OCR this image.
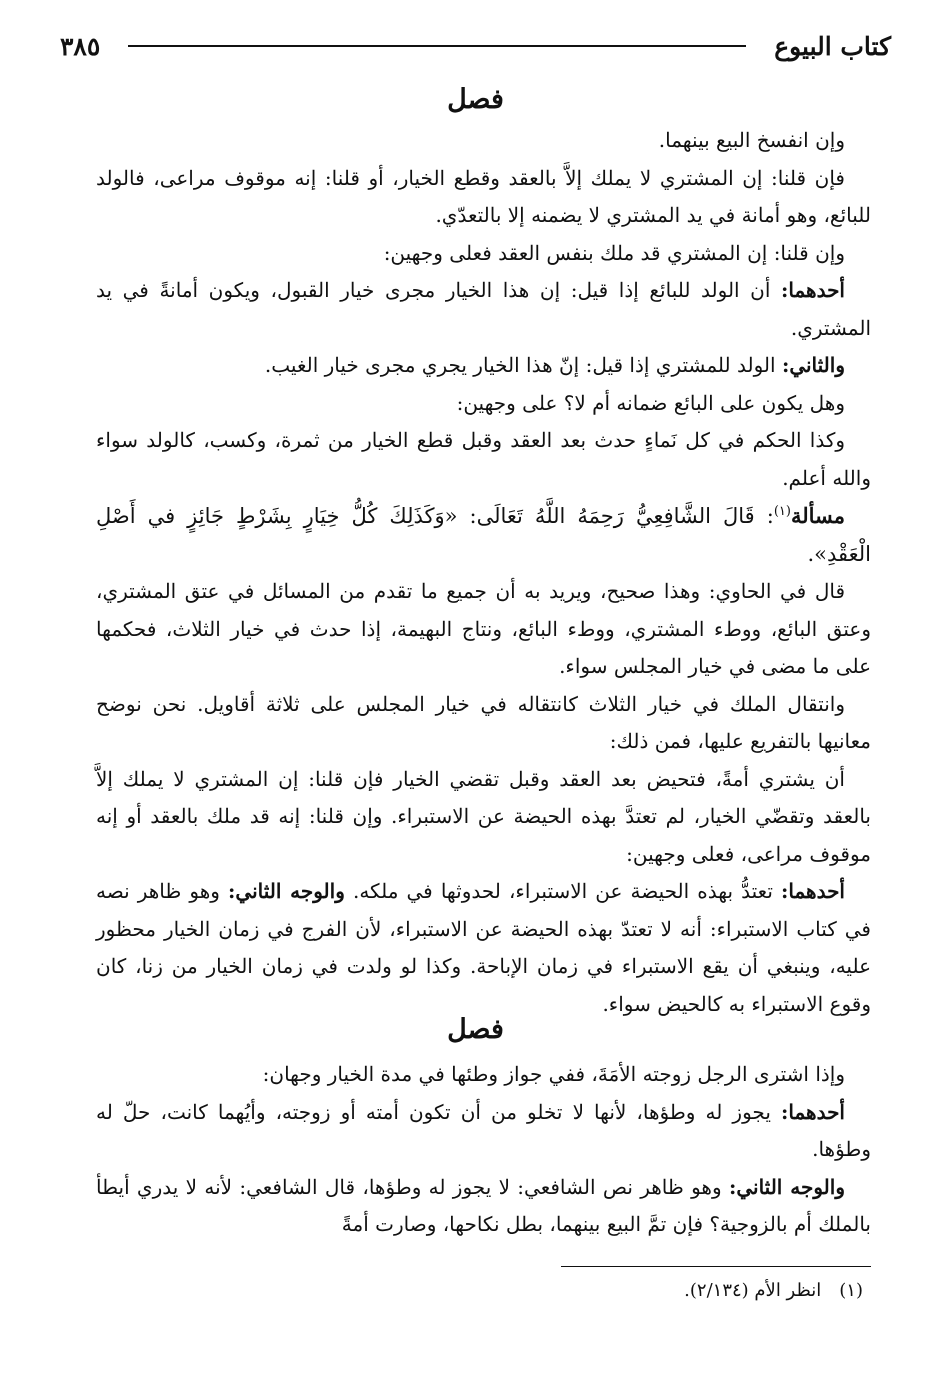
كتاب البيوع
٣٨٥
فصل

وإن انفسخ البيع بينهما.

فإن قلنا: إن المشتري لا يملك إلاَّ بالعقد وقطع الخيار، أو قلنا: إنه موقوف مراعى، فالولد للبائع، وهو أمانة في يد المشتري لا يضمنه إلا بالتعدّي.

وإن قلنا: إن المشتري قد ملك بنفس العقد فعلى وجهين:

أحدهما: أن الولد للبائع إذا قيل: إن هذا الخيار مجرى خيار القبول، ويكون أمانةً في يد المشتري.

والثاني: الولد للمشتري إذا قيل: إنّ هذا الخيار يجري مجرى خيار الغيب.

وهل يكون على البائع ضمانه أم لا؟ على وجهين:

وكذا الحكم في كل نَماءٍ حدث بعد العقد وقبل قطع الخيار من ثمرة، وكسب، كالولد سواء والله أعلم.

مسألة$^{(١)}$: قَالَ الشَّافِعِيُّ رَحِمَهُ اللَّهُ تَعَالَى: «وَكَذَلِكَ كُلُّ خِيَارٍ بِشَرْطٍ جَائِزٍ في أَصْلِ الْعَقْدِ».

قال في الحاوي: وهذا صحيح، ويريد به أن جميع ما تقدم من المسائل في عتق المشتري، وعتق البائع، ووطء المشتري، ووطء البائع، ونتاج البهيمة، إذا حدث في خيار الثلاث، فحكمها على ما مضى في خيار المجلس سواء.

وانتقال الملك في خيار الثلاث كانتقاله في خيار المجلس على ثلاثة أقاويل. نحن نوضح معانيها بالتفريع عليها، فمن ذلك:

أن يشتري أمةً، فتحيض بعد العقد وقبل تقضي الخيار فإن قلنا: إن المشتري لا يملك إلاَّ بالعقد وتقضّي الخيار، لم تعتدَّ بهذه الحيضة عن الاستبراء. وإن قلنا: إنه قد ملك بالعقد أو إنه موقوف مراعى، فعلى وجهين:

أحدهما: تعتدُّ بهذه الحيضة عن الاستبراء، لحدوثها في ملكه. والوجه الثاني: وهو ظاهر نصه في كتاب الاستبراء: أنه لا تعتدّ بهذه الحيضة عن الاستبراء، لأن الفرج في زمان الخيار محظور عليه، وينبغي أن يقع الاستبراء في زمان الإباحة. وكذا لو ولدت في زمان الخيار من زنا، كان وقوع الاستبراء به كالحيض سواء.

فصل

وإذا اشترى الرجل زوجته الأمَةَ، ففي جواز وطئها في مدة الخيار وجهان:

أحدهما: يجوز له وطؤها، لأنها لا تخلو من أن تكون أمته أو زوجته، وأيُهما كانت، حلّ له وطؤها.

والوجه الثاني: وهو ظاهر نص الشافعي: لا يجوز له وطؤها، قال الشافعي: لأنه لا يدري أيطأ بالملك أم بالزوجية؟ فإن تمَّ البيع بينهما، بطل نكاحها، وصارت أمةً

(١)انظر الأم (٢/١٣٤).
